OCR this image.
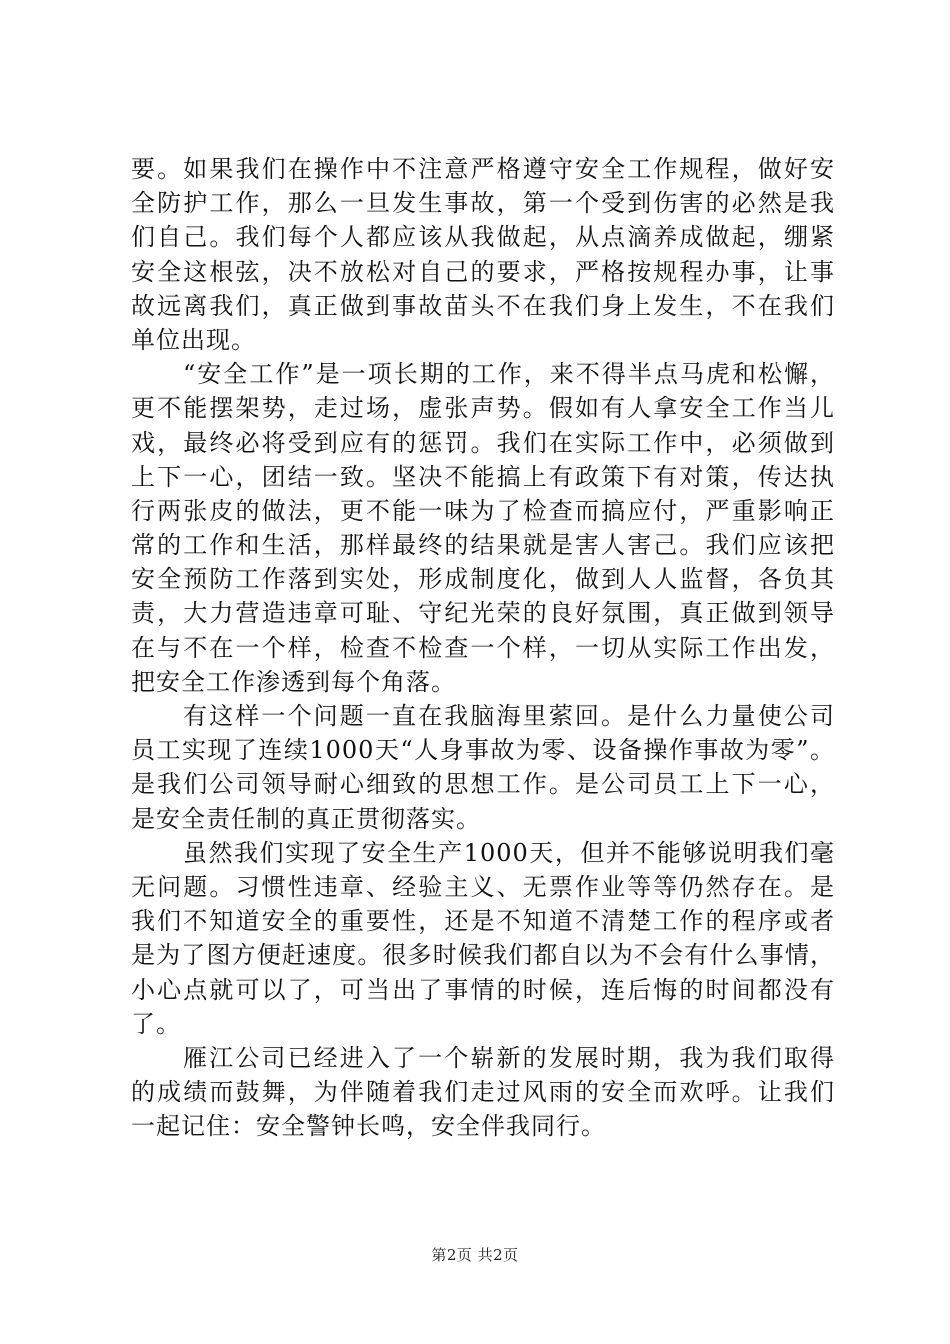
要。如果我们在操作中不注意严格遵守安全工作规程，做好安
全防护工作，那么一旦发生事故，第一个受到伤害的必然是我
们自己。我们每个人都应该从我做起，从点滴养成做起，绷紧
安全这根弦，决不放松对自己的要求，严格按规程办事，让事
故远离我们，真正做到事故苗头不在我们身上发生，不在我们
单位出现。
“安全工作”是一项长期的工作，来不得半点马虎和松懈，
更不能摆架势，走过场，虚张声势。假如有人拿安全工作当儿
戏，最终必将受到应有的惩罚。我们在实际工作中，必须做到
上下一心，团结一致。坚决不能搞上有政策下有对策，传达执
行两张皮的做法，更不能一味为了检查而搞应付，严重影响正
常的工作和生活，那样最终的结果就是害人害己。我们应该把
安全预防工作落到实处，形成制度化，做到人人监督，各负其
责，大力营造违章可耻、守纪光荣的良好氛围，真正做到领导
在与不在一个样，检查不检查一个样，一切从实际工作出发，
把安全工作渗透到每个角落。
有这样一个问题一直在我脑海里萦回。是什么力量使公司
员工实现了连续1000天“人身事故为零、设备操作事故为零”。
是我们公司领导耐心细致的思想工作。是公司员工上下一心，
是安全责任制的真正贯彻落实。
虽然我们实现了安全生产1000天，但并不能够说明我们毫
无问题。习惯性违章、经验主义、无票作业等等仍然存在。是
我们不知道安全的重要性，还是不知道不清楚工作的程序或者
是为了图方便赶速度。很多时候我们都自以为不会有什么事情，
小心点就可以了，可当出了事情的时候，连后悔的时间都没有
了。
雁江公司已经进入了一个崭新的发展时期，我为我们取得
的成绩而鼓舞，为伴随着我们走过风雨的安全而欢呼。让我们
一起记住：安全警钟长鸣，安全伴我同行。
第2页 共2页
